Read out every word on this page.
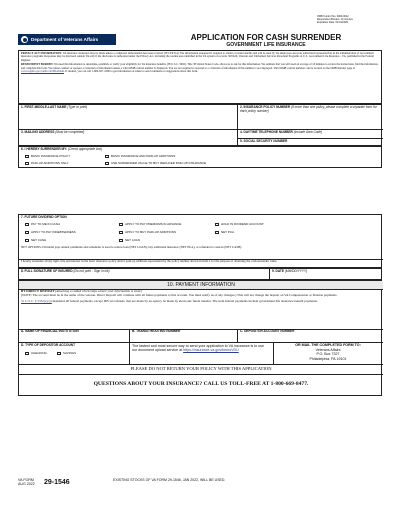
OMB Control No. 2900-0012
Respondent Burden: 10 minutes
Expiration Date: 01/31/2025
Department of Veterans Affairs	APPLICATION FOR CASH SURRENDER
GOVERNMENT LIFE INSURANCE
PRIVACY ACT INFORMATION: VA insurance deduction may be made unless a completed authorization has been received (38 CFR 8.4). The information requested is required to obtain or retain benefits and will be used by VA employees and your authorized representatives in the administration of Government insurance programs. Responses may be disclosed outside VA only if the disclosure is authorized under the Privacy Act, including the routine uses identified in the VA system of records, 36VA29, Veterans and Uniformed Services Personnel Programs of U.S. Government Life Insurance - VA, published in the Federal Register.
RESPONDENT BURDEN: We need this information to determine, establish, or verify your eligibility for VA insurance benefits (38 U.S.C. 5902). Title 38 United States Code, allows us to ask for this information. We estimate that you will need an average of 10 minutes to review the instructions, find the information, and complete this form. VA cannot conduct or sponsor a collection of information unless a valid OMB control number is displayed. You are not required to respond to a collection of information if this number is not displayed. Valid OMB control numbers can be located on the OMB Internet page at www.reginfo.gov/public/do/PRAMain. If desired, you can call 1-800-827-1000 to get information on where to send comments or suggestions about this form.
1. FIRST-MIDDLE-LAST NAME (Type or print)	2. INSURANCE POLICY NUMBER (If more than one policy, please complete a separate form for each policy number)
3. MAILING ADDRESS (Must be completed)	4. DAYTIME TELEPHONE NUMBER (Include Area Code)
5. SOCIAL SECURITY NUMBER
6. I HEREBY SURRENDER MY: (Check appropriate box)
BASIC INSURANCE POLICY	BASIC INSURANCE AND PAID-UP ADDITIONS
PAID-UP ADDITIONS ONLY	USE SURRENDER VALUE TO BUY REDUCED PAID-UP INSURANCE
7. FUTURE DIVIDEND OPTION
PAY TO ME IN CASH	APPLY TO PAY PREMIUMS IN ADVANCE	HOLD IN DIVIDEND ACCOUNT
APPLY TO PAY INDEBTEDNESS	APPLY TO BUY PAID-UP ADDITIONS	NET PUA
NET CASH	NET LOAN
NET OPTIONS: Dividend pays annual premiums and remainder is used to reduce loan (NET LOAN), buy additional insurance (NET PUA), or refunded to veteran (NET CASH).
I hereby surrender all my right, title and interest in the basic insurance policy and/or paid-up additions represented by the policy number shown in Item 2 for the purpose of obtaining the cash surrender value.
8. FULL SIGNATURE OF INSURED (Do not print - Sign in ink)	9. DATE (MM/DD/YYYY)
10. PAYMENT INFORMATION
BY DIRECT DEPOSIT (Attaching a voided check helps ensure your information is clear.)
(NOTE: The account must be in the name of the veteran. Direct Deposit will continue with all future payments to this account. You must notify us of any changes.) This will not change the deposit on VA Compensation or Pension payments.
31 U.S.C. § 3332(e)-(i) mandates all federal payments, except IRS tax refunds, that are made by an agency be made by electronic funds transfer. The term federal payments include government life insurance benefit payments.
A. NAME OF FINANCIAL INSTITUTION	B. TRANSIT/ROUTING NUMBER	C. DEPOSITOR ACCOUNT NUMBER
D. TYPE OF DEPOSITOR ACCOUNT
CHECKING	SAVINGS
The fastest and most secure way to send your application to VA insurance is to use our document upload service at https://insurance.va.gov/formsVDU
OR MAIL THE COMPLETED FORM TO:
Veterans Affairs
P.O. Box 7327
Philadelphia, PA 19101
PLEASE DO NOT RETURN YOUR POLICY WITH THIS APPLICATION
QUESTIONS ABOUT YOUR INSURANCE? CALL US TOLL-FREE AT 1-800-669-8477.
VA FORM
AUG 2022	29-1546	EXISTING STOCKS OF VA FORM 29-1546, JAN 2022, WILL BE USED.
